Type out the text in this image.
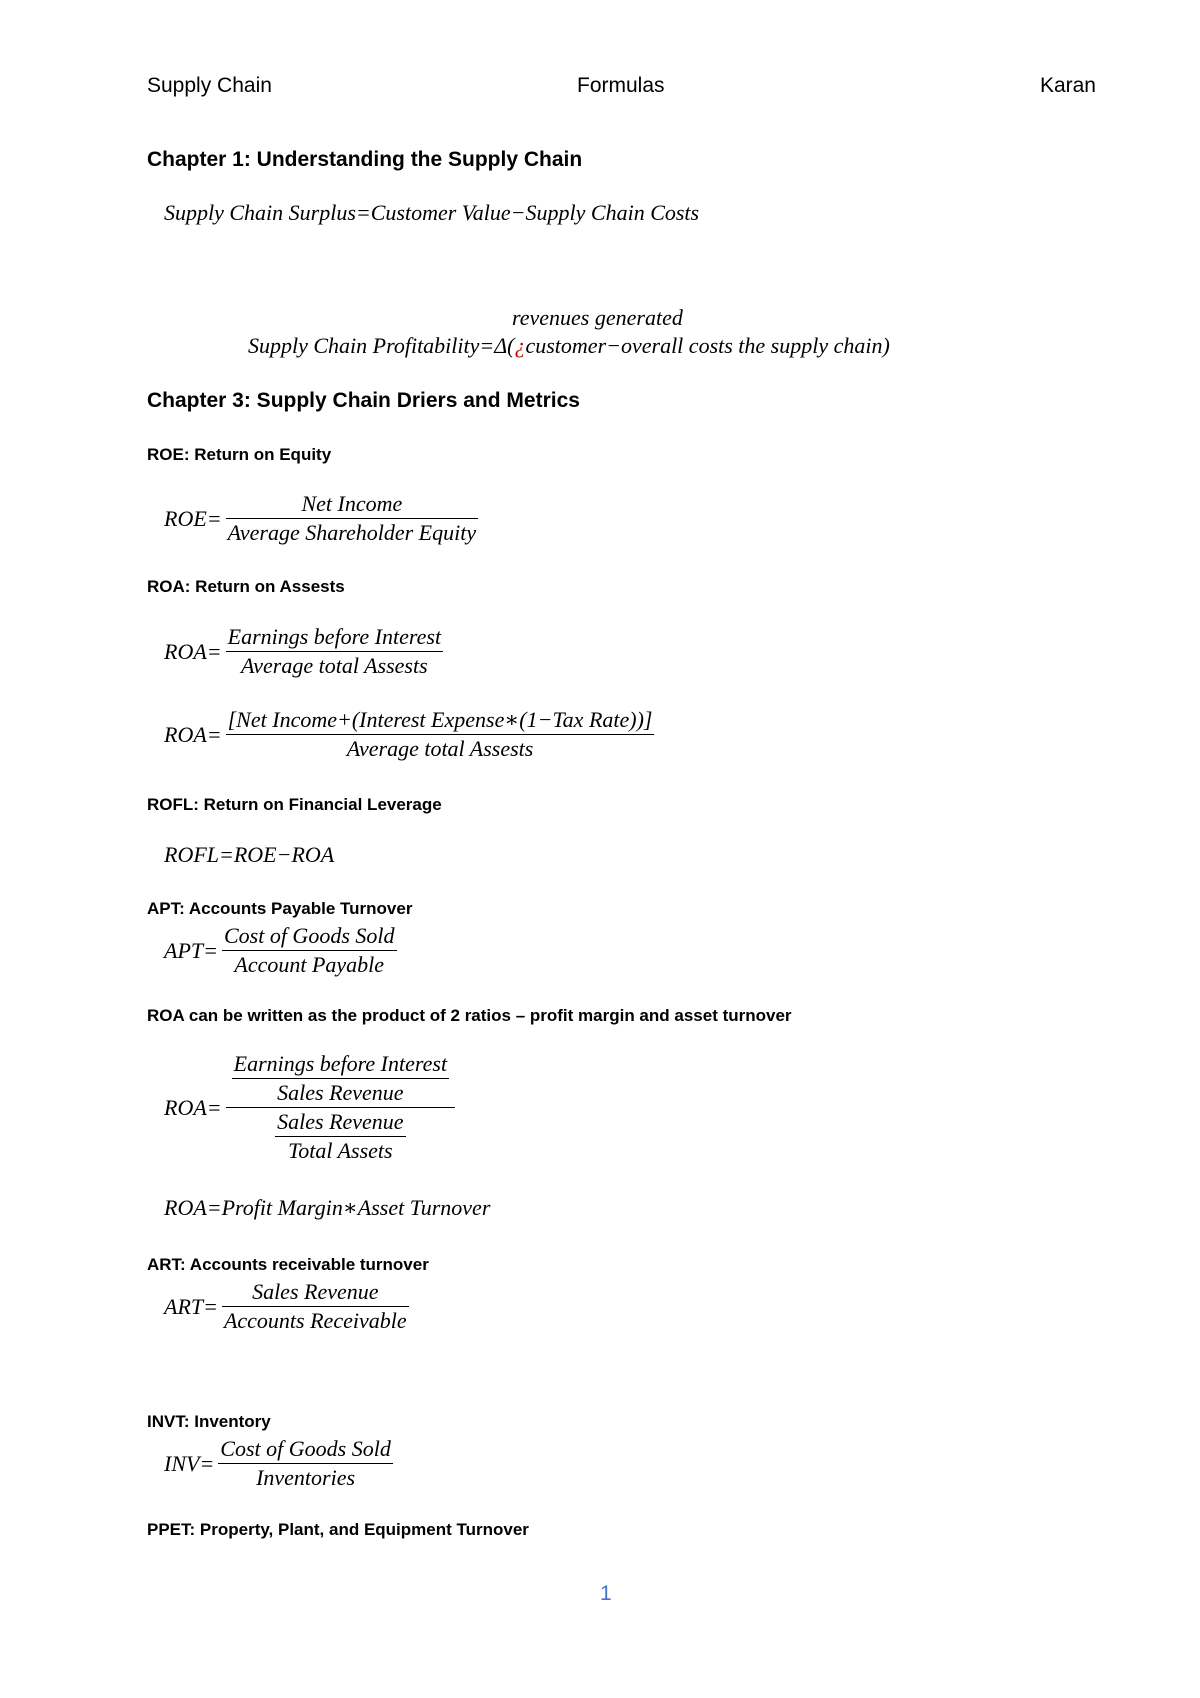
Supply Chain	Formulas	Karan
Chapter 1: Understanding the Supply Chain
Supply Chain Surplus=Customer Value−Supply Chain Costs
revenues generated
Supply Chain Profitability=Δ(¿customer−overall costs the supply chain)
Chapter 3: Supply Chain Driers and Metrics
ROE: Return on Equity
$ROE= \frac{\text{Net Income}}{\text{Average Shareholder Equity}}$
ROA: Return on Assests
$ROA= \frac{\text{Earnings before Interest}}{\text{Average total Assests}}$
$ROA= \frac{\text{[Net Income+(Interest Expense∗(1−Tax Rate))]}}{\text{Average total Assests}}$
ROFL: Return on Financial Leverage
ROFL=ROE−ROA
APT: Accounts Payable Turnover
$APT= \frac{\text{Cost of Goods Sold}}{\text{Account Payable}}$
ROA can be written as the product of 2 ratios – profit margin and asset turnover
$ROA= \frac{\frac{\text{Earnings before Interest}}{\text{Sales Revenue}}}{\frac{\text{Sales Revenue}}{\text{Total Assets}}}$
ROA=Profit Margin∗Asset Turnover
ART: Accounts receivable turnover
$ART= \frac{\text{Sales Revenue}}{\text{Accounts Receivable}}$
INVT: Inventory
$INV= \frac{\text{Cost of Goods Sold}}{\text{Inventories}}$
PPET: Property, Plant, and Equipment Turnover
1
